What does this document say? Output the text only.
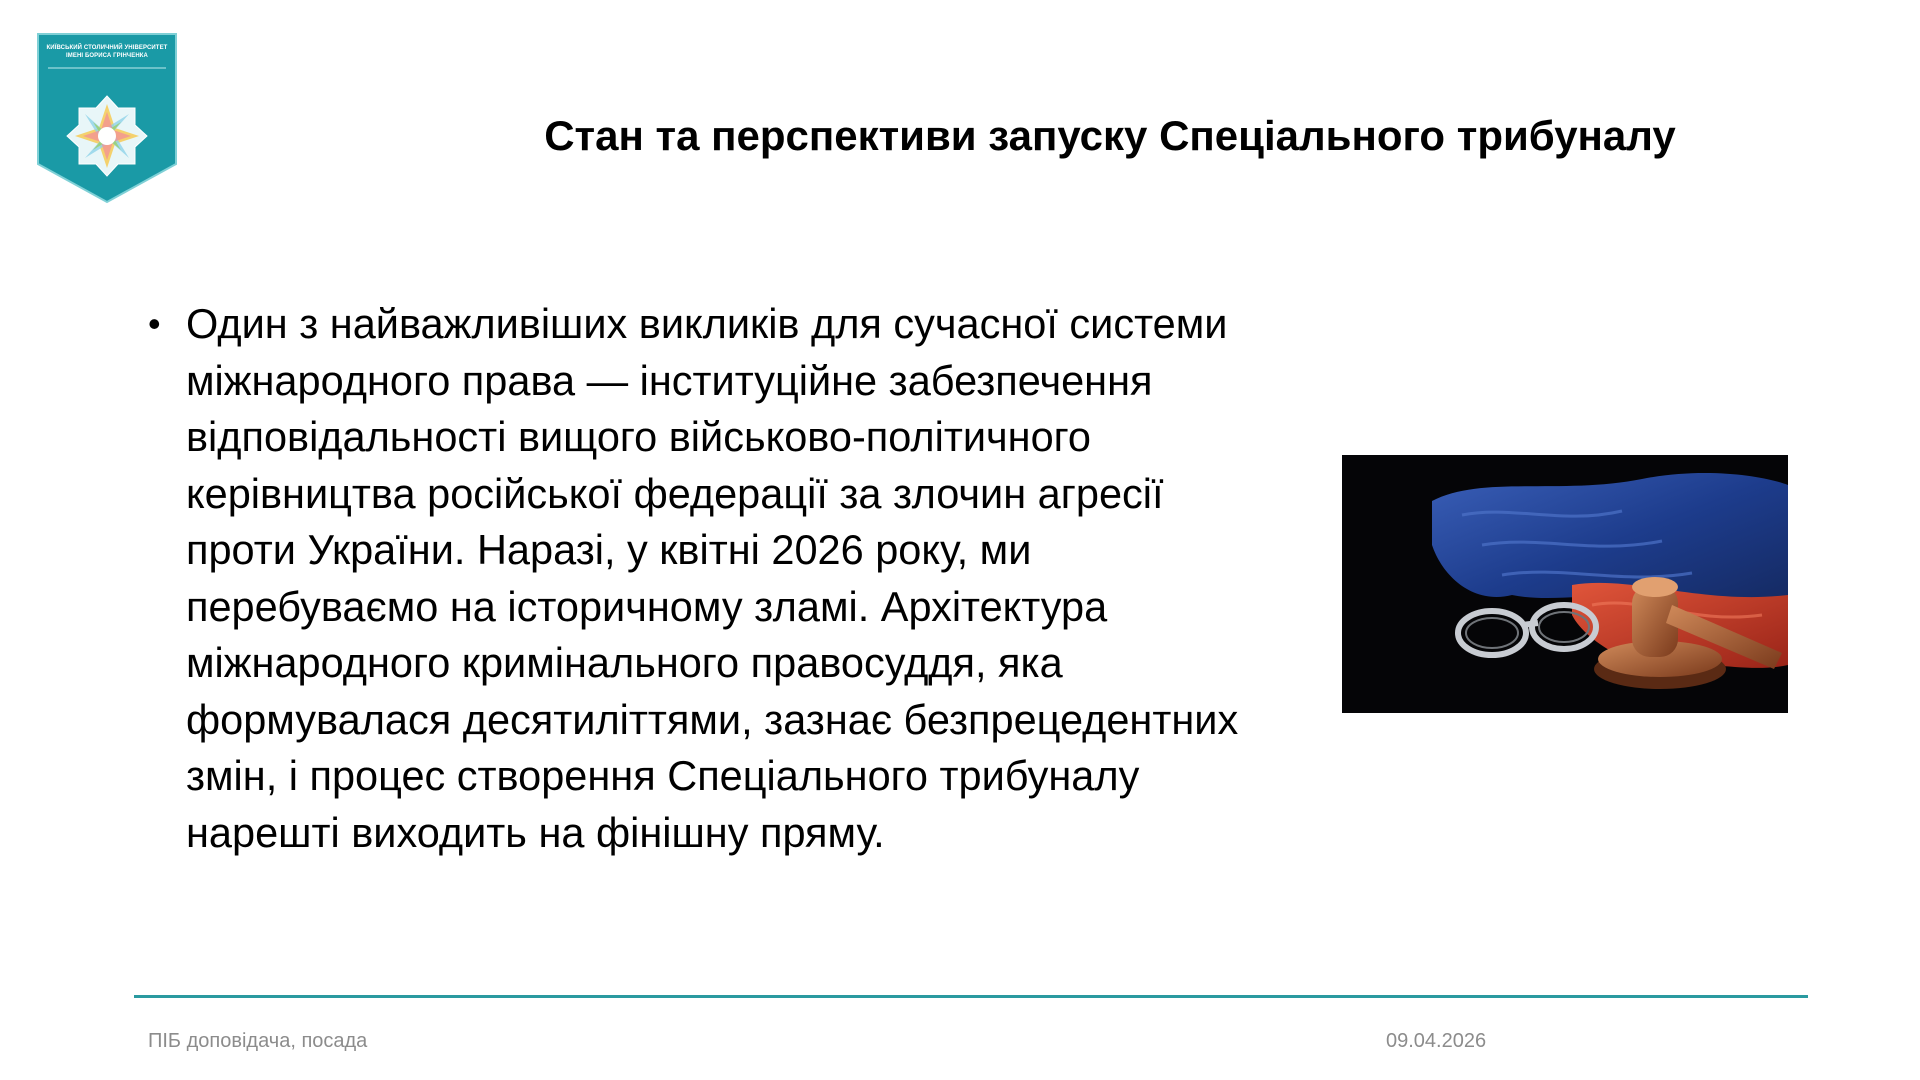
КИЇВСЬКИЙ СТОЛИЧНИЙ УНІВЕРСИТЕТ
ІМЕНІ БОРИСА ГРІНЧЕНКА
Стан та перспективи запуску Спеціального трибуналу

• Один з найважливіших викликів для сучасної системи міжнародного права — інституційне забезпечення відповідальності вищого військово-політичного керівництва російської федерації за злочин агресії проти України. Наразі, у квітні 2026 року, ми перебуваємо на історичному зламі. Архітектура міжнародного кримінального правосуддя, яка формувалася десятиліттями, зазнає безпрецедентних змін, і процес створення Спеціального трибуналу нарешті виходить на фінішну пряму.

ПІБ доповідача, посада	09.04.2026
